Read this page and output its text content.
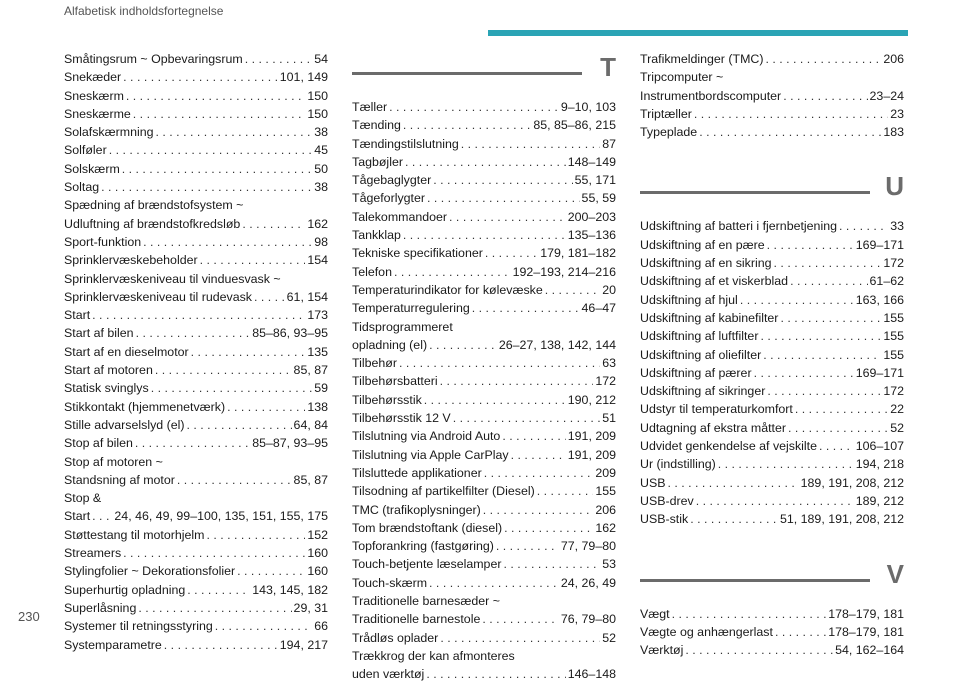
Alfabetisk indholdsfortegnelse
Småtingsrum ~ Opbevaringsrum . . .	54
Snekæder . . .	101, 149
Sneskærm . . .	150
Sneskærme . . .	150
Solafskærmning . . .	38
Solføler . . .	45
Solskærm . . .	50
Soltag . . .	38
Spædning af brændstofsystem ~
Udluftning af brændstofkredsløb . . .	162
Sport-funktion . . .	98
Sprinklervæskebeholder . . .	154
Sprinklervæskeniveau til vinduesvask ~
Sprinklervæskeniveau til rudevask . . .	61, 154
Start . . .	173
Start af bilen . . .	85–86, 93–95
Start af en dieselmotor . . .	135
Start af motoren . . .	85, 87
Statisk svinglys . . .	59
Stikkontakt (hjemmenetværk) . . .	138
Stille advarselslyd (el) . . .	64, 84
Stop af bilen . . .	85–87, 93–95
Stop af motoren ~
Standsning af motor . . .	85, 87
Stop &
Start . . . 24, 46, 49, 99–100, 135, 151, 155, 175
Støttestang til motorhjelm . . .	152
Streamers . . .	160
Stylingfolier ~ Dekorationsfolier . . .	160
Superhurtig opladning . . .	143, 145, 182
Superlåsning . . .	29, 31
Systemer til retningsstyring . . .	66
Systemparametre . . .	194, 217
T
Tæller . . .	9–10, 103
Tænding . . .	85, 85–86, 215
Tændingstilslutning . . .	87
Tagbøjler . . .	148–149
Tågebaglygter . . .	55, 171
Tågeforlygter . . .	55, 59
Talekommandoer . . .	200–203
Tankklap . . .	135–136
Tekniske specifikationer . . .	179, 181–182
Telefon . . .	192–193, 214–216
Temperaturindikator for kølevæske . . .	20
Temperaturregulering . . .	46–47
Tidsprogrammeret
opladning (el) . . .	26–27, 138, 142, 144
Tilbehør . . .	63
Tilbehørsbatteri . . .	172
Tilbehørsstik . . .	190, 212
Tilbehørsstik 12 V . . .	51
Tilslutning via Android Auto . . .	191, 209
Tilslutning via Apple CarPlay . . .	191, 209
Tilsluttede applikationer . . .	209
Tilsodning af partikelfilter (Diesel) . . .	155
TMC (trafikoplysninger) . . .	206
Tom brændstoftank (diesel) . . .	162
Topforankring (fastgøring) . . .	77, 79–80
Touch-betjente læselamper . . .	53
Touch-skærm . . .	24, 26, 49
Traditionelle barnesæder ~
Traditionelle barnestole . . .	76, 79–80
Trådløs oplader . . .	52
Trækkrog der kan afmonteres
uden værktøj . . .	146–148
Trafikmeldinger (TMC) . . .	206
Tripcomputer ~
Instrumentbordscomputer . . .	23–24
Triptæller . . .	23
Typeplade . . .	183
U
Udskiftning af batteri i fjernbetjening . . .	33
Udskiftning af en pære . . .	169–171
Udskiftning af en sikring . . .	172
Udskiftning af et viskerblad . . .	61–62
Udskiftning af hjul . . .	163, 166
Udskiftning af kabinefilter . . .	155
Udskiftning af luftfilter . . .	155
Udskiftning af oliefilter . . .	155
Udskiftning af pærer . . .	169–171
Udskiftning af sikringer . . .	172
Udstyr til temperaturkomfort . . .	22
Udtagning af ekstra måtter . . .	52
Udvidet genkendelse af vejskilte . . .	106–107
Ur (indstilling) . . .	194, 218
USB . . .	189, 191, 208, 212
USB-drev . . .	189, 212
USB-stik . . .	51, 189, 191, 208, 212
V
Vægt . . .	178–179, 181
Vægte og anhængerlast . . .	178–179, 181
Værktøj . . .	54, 162–164
230
